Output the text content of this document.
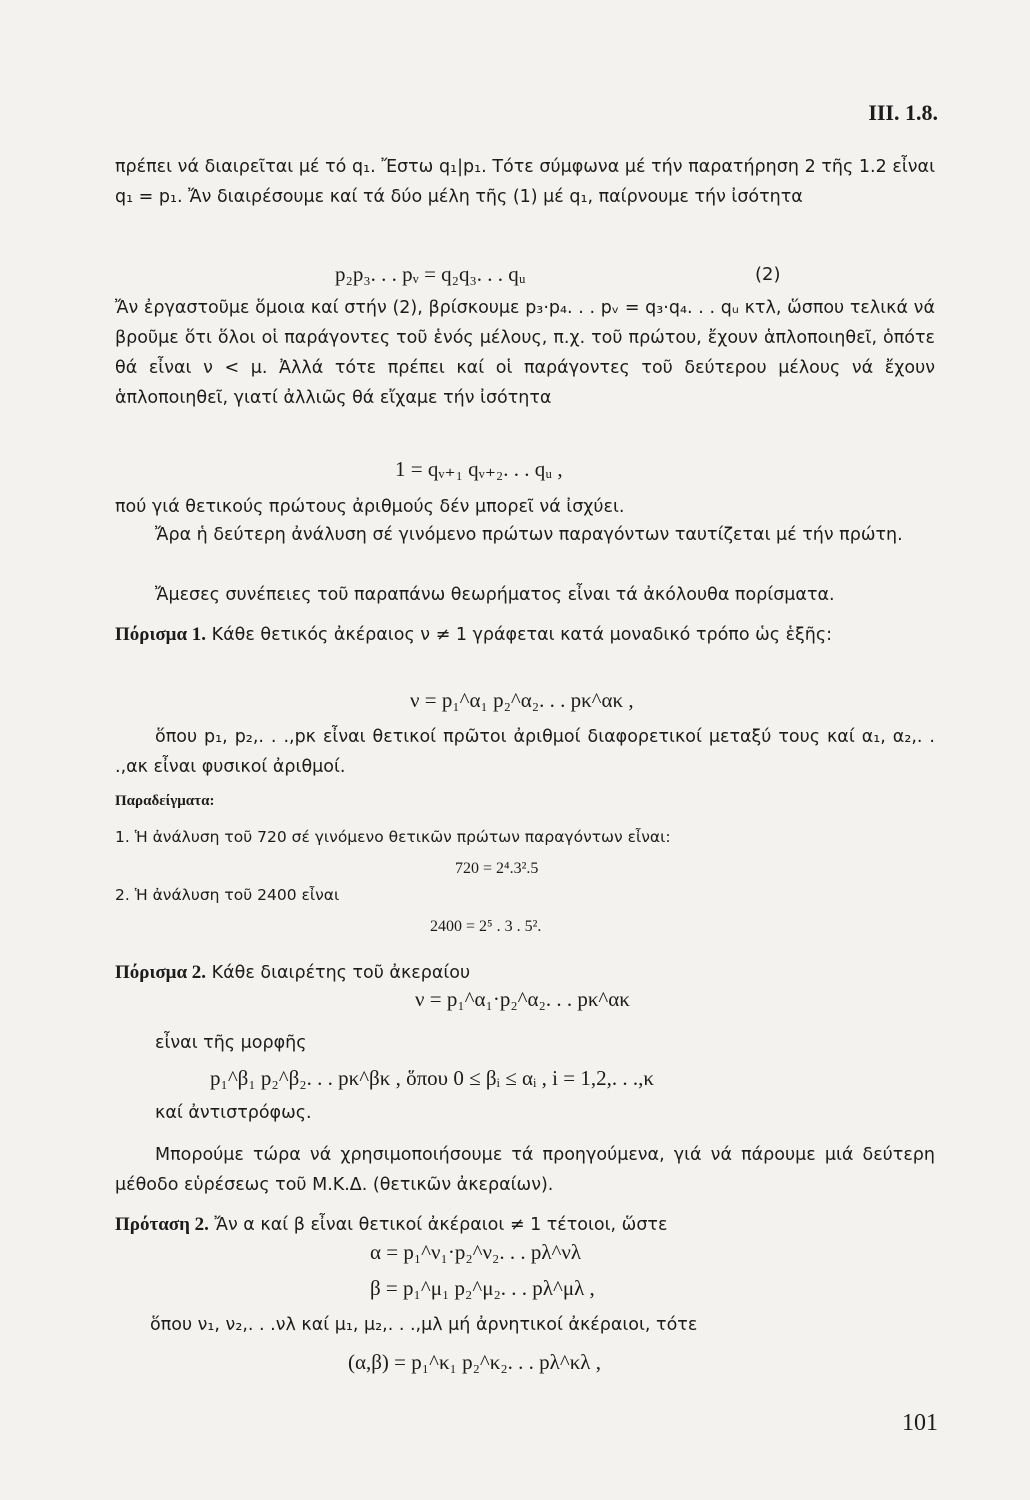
ΙΙΙ. 1.8.

πρέπει νά διαιρεῖται μέ τό q₁. Ἔστω q₁|p₁. Τότε σύμφωνα μέ τήν παρατήρηση 2 τῆς 1.2 εἶναι q₁ = p₁. Ἄν διαιρέσουμε καί τά δύο μέλη τῆς (1) μέ q₁, παίρνουμε τήν ἰσότητα

p₂p₃. . . pᵥ = q₂q₃. . . qᵤ	(2)

Ἄν ἐργαστοῦμε ὅμοια καί στήν (2), βρίσκουμε p₃·p₄. . . pᵥ = q₃·q₄. . . qᵤ κτλ, ὥσπου τελικά νά βροῦμε ὅτι ὅλοι οἱ παράγοντες τοῦ ἑνός μέλους, π.χ. τοῦ πρώτου, ἔχουν ἁπλοποιηθεῖ, ὁπότε θά εἶναι ν < μ. Ἀλλά τότε πρέπει καί οἱ παράγοντες τοῦ δεύτερου μέλους νά ἔχουν ἁπλοποιηθεῖ, γιατί ἀλλιῶς θά εἴχαμε τήν ἰσότητα

1 = qᵥ₊₁ qᵥ₊₂. . . qᵤ ,

πού γιά θετικούς πρώτους ἀριθμούς δέν μπορεῖ νά ἰσχύει.

Ἄρα ἡ δεύτερη ἀνάλυση σέ γινόμενο πρώτων παραγόντων ταυτίζεται μέ τήν πρώτη.

Ἄμεσες συνέπειες τοῦ παραπάνω θεωρήματος εἶναι τά ἀκόλουθα πορίσματα.

Πόρισμα 1. Κάθε θετικός ἀκέραιος ν ≠ 1 γράφεται κατά μοναδικό τρόπο ὡς ἑξῆς:

ν = p₁^α₁ p₂^α₂. . . pκ^ακ ,

ὅπου p₁, p₂,. . .,pκ εἶναι θετικοί πρῶτοι ἀριθμοί διαφορετικοί μεταξύ τους καί α₁, α₂,. . .,ακ εἶναι φυσικοί ἀριθμοί.

Παραδείγματα:
1. Ἡ ἀνάλυση τοῦ 720 σέ γινόμενο θετικῶν πρώτων παραγόντων εἶναι:
720 = 2⁴.3².5
2. Ἡ ἀνάλυση τοῦ 2400 εἶναι
2400 = 2⁵ . 3 . 5².

Πόρισμα 2. Κάθε διαιρέτης τοῦ ἀκεραίου

ν = p₁^α₁·p₂^α₂. . . pκ^ακ

εἶναι τῆς μορφῆς

p₁^β₁ p₂^β₂. . . pκ^βκ , ὅπου 0 ≤ βᵢ ≤ αᵢ , i = 1,2,. . .,κ

καί ἀντιστρόφως.

Μπορούμε τώρα νά χρησιμοποιήσουμε τά προηγούμενα, γιά νά πάρουμε μιά δεύτερη μέθοδο εὑρέσεως τοῦ Μ.Κ.Δ. (θετικῶν ἀκεραίων).

Πρόταση 2. Ἄν α καί β εἶναι θετικοί ἀκέραιοι ≠ 1 τέτοιοι, ὥστε

α = p₁^ν₁·p₂^ν₂. . . pλ^νλ
β = p₁^μ₁ p₂^μ₂. . . pλ^μλ ,

ὅπου ν₁, ν₂,. . .νλ καί μ₁, μ₂,. . .,μλ μή ἀρνητικοί ἀκέραιοι, τότε

(α,β) = p₁^κ₁ p₂^κ₂. . . pλ^κλ ,
101
